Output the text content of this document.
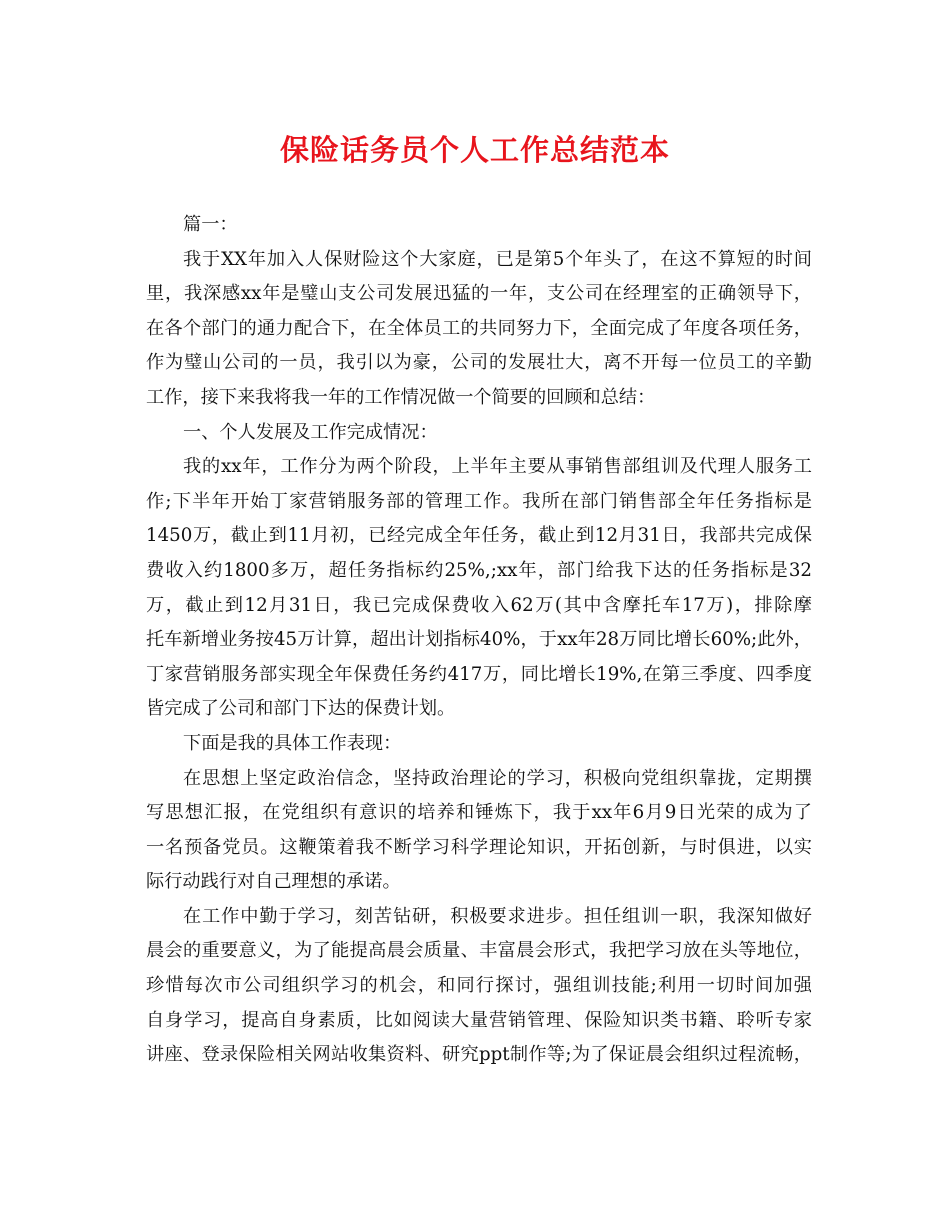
保险话务员个人工作总结范本
篇一：
我于XX年加入人保财险这个大家庭，已是第5个年头了，在这不算短的时间
里，我深感xx年是璧山支公司发展迅猛的一年，支公司在经理室的正确领导下，
在各个部门的通力配合下，在全体员工的共同努力下，全面完成了年度各项任务，
作为璧山公司的一员，我引以为豪，公司的发展壮大，离不开每一位员工的辛勤
工作，接下来我将我一年的工作情况做一个简要的回顾和总结：
一、个人发展及工作完成情况：
我的xx年，工作分为两个阶段，上半年主要从事销售部组训及代理人服务工
作;下半年开始丁家营销服务部的管理工作。我所在部门销售部全年任务指标是
1450万，截止到11月初，已经完成全年任务，截止到12月31日，我部共完成保
费收入约1800多万，超任务指标约25%,;xx年，部门给我下达的任务指标是32
万，截止到12月31日，我已完成保费收入62万(其中含摩托车17万)，排除摩
托车新增业务按45万计算，超出计划指标40%，于xx年28万同比增长60%;此外，
丁家营销服务部实现全年保费任务约417万，同比增长19%,在第三季度、四季度
皆完成了公司和部门下达的保费计划。
下面是我的具体工作表现：
在思想上坚定政治信念，坚持政治理论的学习，积极向党组织靠拢，定期撰
写思想汇报，在党组织有意识的培养和锤炼下，我于xx年6月9日光荣的成为了
一名预备党员。这鞭策着我不断学习科学理论知识，开拓创新，与时俱进，以实
际行动践行对自己理想的承诺。
在工作中勤于学习，刻苦钻研，积极要求进步。担任组训一职，我深知做好
晨会的重要意义，为了能提高晨会质量、丰富晨会形式，我把学习放在头等地位，
珍惜每次市公司组织学习的机会，和同行探讨，强组训技能;利用一切时间加强
自身学习，提高自身素质，比如阅读大量营销管理、保险知识类书籍、聆听专家
讲座、登录保险相关网站收集资料、研究ppt制作等;为了保证晨会组织过程流畅，
